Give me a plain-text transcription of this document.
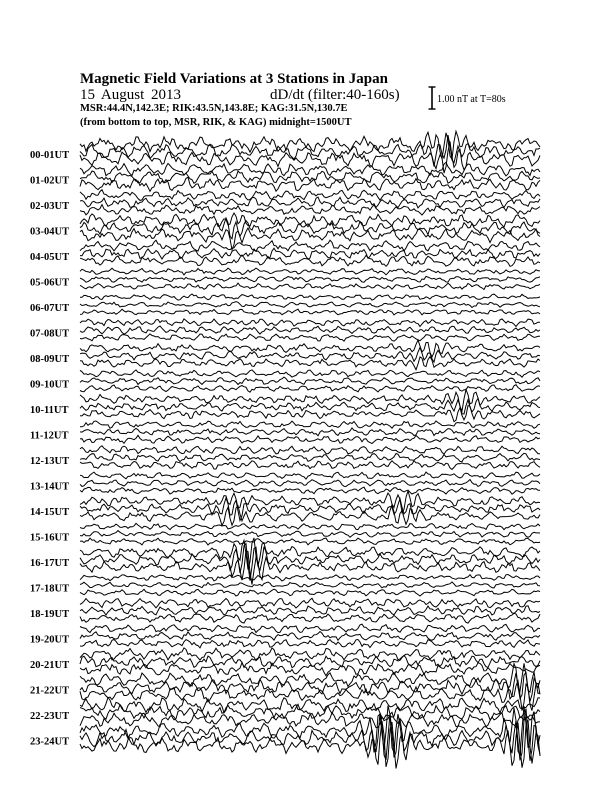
Magnetic Field Variations at 3 Stations in Japan
15 August 2013	dD/dt (filter:40-160s)
MSR:44.4N,142.3E; RIK:43.5N,143.8E; KAG:31.5N,130.7E
(from bottom to top, MSR, RIK, & KAG) midnight=1500UT
1.00 nT at T=80s
00-01UT
01-02UT
02-03UT
03-04UT
04-05UT
05-06UT
06-07UT
07-08UT
08-09UT
09-10UT
10-11UT
11-12UT
12-13UT
13-14UT
14-15UT
15-16UT
16-17UT
17-18UT
18-19UT
19-20UT
20-21UT
21-22UT
22-23UT
23-24UT
